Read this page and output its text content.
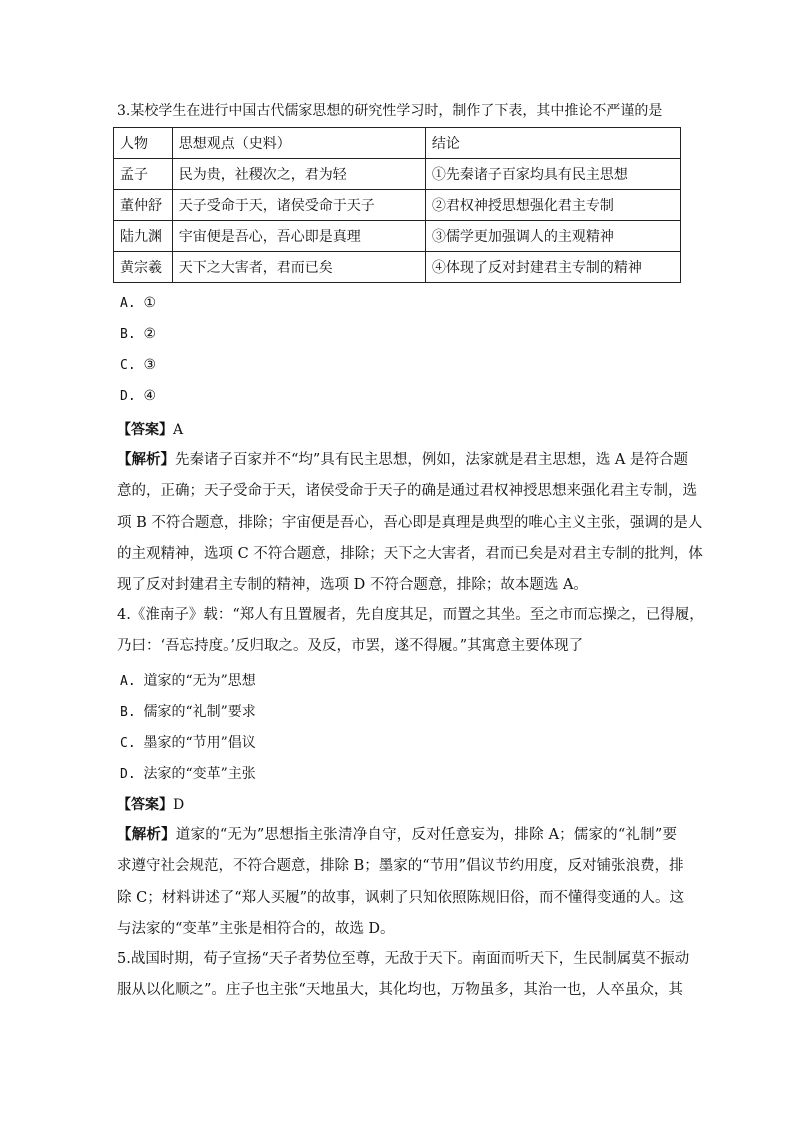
3.某校学生在进行中国古代儒家思想的研究性学习时，制作了下表，其中推论不严谨的是
人物	思想观点（史料）	结论
孟子	民为贵，社稷次之，君为轻	①先秦诸子百家均具有民主思想
董仲舒	天子受命于天，诸侯受命于天子	②君权神授思想强化君主专制
陆九渊	宇宙便是吾心，吾心即是真理	③儒学更加强调人的主观精神
黄宗羲	天下之大害者，君而已矣	④体现了反对封建君主专制的精神
A. ①
B. ②
C. ③
D. ④
【答案】A
【解析】先秦诸子百家并不“均”具有民主思想，例如，法家就是君主思想，选 A 是符合题
意的，正确；天子受命于天，诸侯受命于天子的确是通过君权神授思想来强化君主专制，选
项 B 不符合题意，排除；宇宙便是吾心，吾心即是真理是典型的唯心主义主张，强调的是人
的主观精神，选项 C 不符合题意，排除；天下之大害者，君而已矣是对君主专制的批判，体
现了反对封建君主专制的精神，选项 D 不符合题意，排除；故本题选 A。
4.《淮南子》载：“郑人有且置履者，先自度其足，而置之其坐。至之市而忘操之，已得履，
乃曰：‘吾忘持度。’反归取之。及反，市罢，遂不得履。”其寓意主要体现了
A. 道家的“无为”思想
B. 儒家的“礼制”要求
C. 墨家的“节用”倡议
D. 法家的“变革”主张
【答案】D
【解析】道家的“无为”思想指主张清净自守，反对任意妄为，排除 A；儒家的“礼制”要
求遵守社会规范，不符合题意，排除 B；墨家的“节用”倡议节约用度，反对铺张浪费，排
除 C；材料讲述了“郑人买履”的故事，讽刺了只知依照陈规旧俗，而不懂得变通的人。这
与法家的“变革”主张是相符合的，故选 D。
5.战国时期，荀子宣扬“天子者势位至尊，无敌于天下。南面而听天下，生民制属莫不振动
服从以化顺之”。庄子也主张“天地虽大，其化均也，万物虽多，其治一也，人卒虽众，其
